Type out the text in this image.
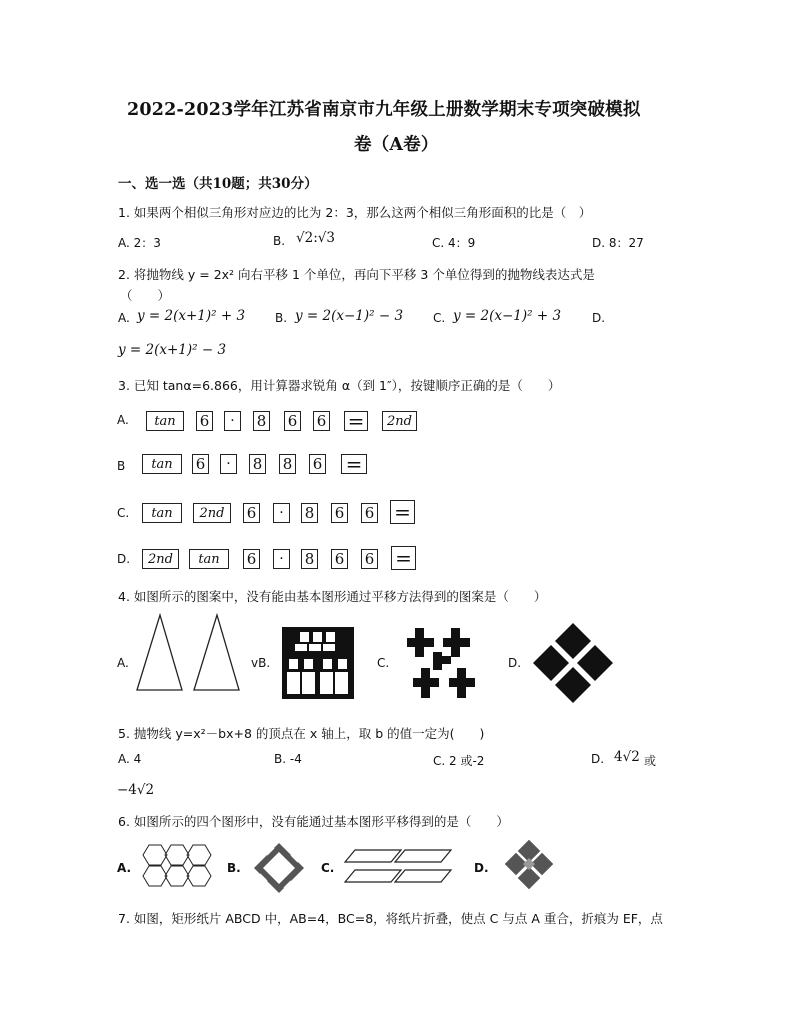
2022-2023学年江苏省南京市九年级上册数学期末专项突破模拟
卷（A卷）
一、选一选（共10题；共30分）
1. 如果两个相似三角形对应边的比为 2：3，那么这两个相似三角形面积的比是（　）
A. 2：3	B. √2:√3	C. 4：9	D. 8：27
2. 将抛物线 y = 2x² 向右平移 1 个单位，再向下平移 3 个单位得到的抛物线表达式是
（　　）
A. y = 2(x+1)² + 3 B. y = 2(x−1)² − 3 C. y = 2(x−1)² + 3	D.
y = 2(x+1)² − 3
3. 已知 tanα=6.866，用计算器求锐角 α（到 1″），按键顺序正确的是（　　）
A.	tan	6	·	8 6 6 =	2nd
B	tan	6	·	8 8 6 =
C.	tan	2nd	6	·	8 6 6 =
D.	2nd	tan	6	·	8 6 6 =
4. 如图所示的图案中，没有能由基本图形通过平移方法得到的图案是（　　）
A.	vB.	C.	D.
5. 抛物线 y=x²－bx+8 的顶点在 x 轴上，取 b 的值一定为(　　)
A. 4	B. -4	C. 2 或-2	D. 4√2 或
−4√2
6. 如图所示的四个图形中，没有能通过基本图形平移得到的是（　　）
A.	B.	C.	D.
7. 如图，矩形纸片 ABCD 中，AB=4，BC=8，将纸片折叠，使点 C 与点 A 重合，折痕为 EF，点
